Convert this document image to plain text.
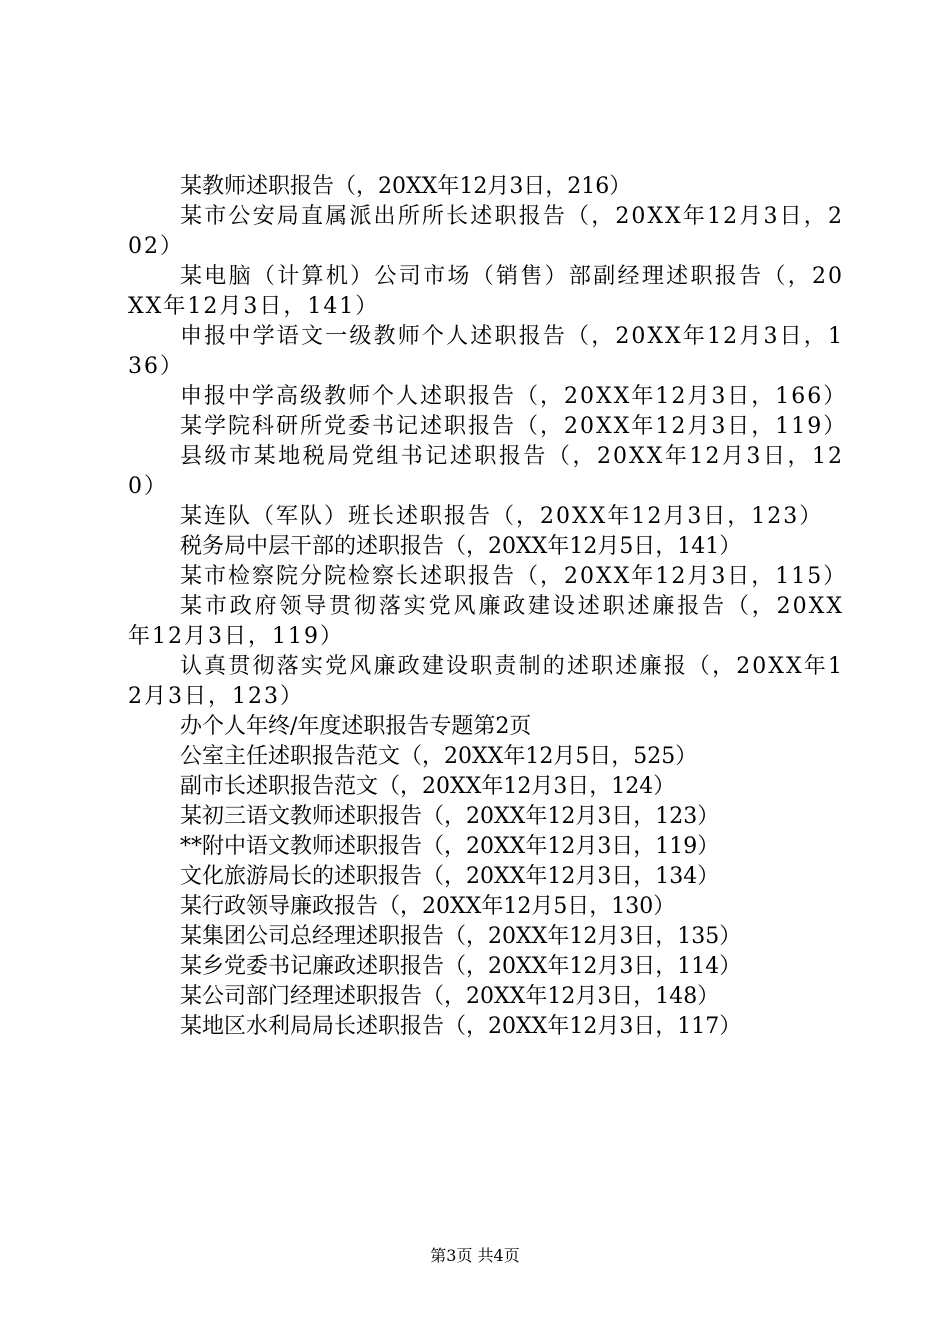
某教师述职报告（，20XX年12月3日，216）

某市公安局直属派出所所长述职报告（，20XX年12月3日，202）

某电脑（计算机）公司市场（销售）部副经理述职报告（，20XX年12月3日，141）

申报中学语文一级教师个人述职报告（，20XX年12月3日，136）

申报中学高级教师个人述职报告（，20XX年12月3日，166）

某学院科研所党委书记述职报告（，20XX年12月3日，119）

县级市某地税局党组书记述职报告（，20XX年12月3日，120）

某连队（军队）班长述职报告（，20XX年12月3日，123）

税务局中层干部的述职报告（，20XX年12月5日，141）

某市检察院分院检察长述职报告（，20XX年12月3日，115）

某市政府领导贯彻落实党风廉政建设述职述廉报告（，20XX年12月3日，119）

认真贯彻落实党风廉政建设职责制的述职述廉报（，20XX年12月3日，123）

办个人年终/年度述职报告专题第2页

公室主任述职报告范文（，20XX年12月5日，525）

副市长述职报告范文（，20XX年12月3日，124）

某初三语文教师述职报告（，20XX年12月3日，123）

**附中语文教师述职报告（，20XX年12月3日，119）

文化旅游局长的述职报告（，20XX年12月3日，134）

某行政领导廉政报告（，20XX年12月5日，130）

某集团公司总经理述职报告（，20XX年12月3日，135）

某乡党委书记廉政述职报告（，20XX年12月3日，114）

某公司部门经理述职报告（，20XX年12月3日，148）

某地区水利局局长述职报告（，20XX年12月3日，117）

第3页 共4页
